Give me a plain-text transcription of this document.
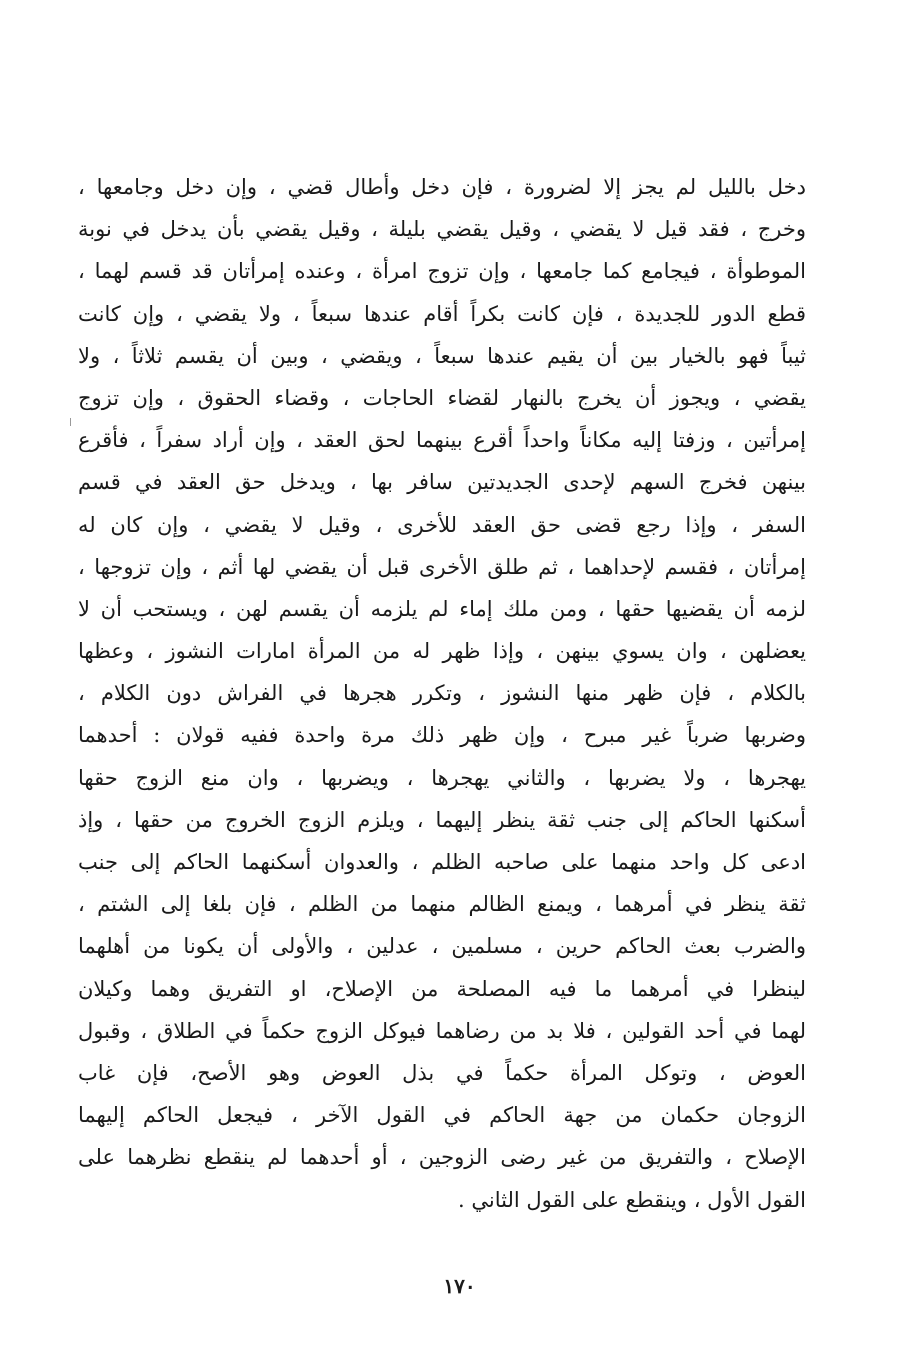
دخل بالليل لم يجز إلا لضرورة ، فإن دخل وأطال قضي ، وإن دخل وجامعها ،
وخرج ، فقد قيل لا يقضي ، وقيل يقضي بليلة ، وقيل يقضي بأن يدخل في نوبة
الموطوأة ، فيجامع كما جامعها ، وإن تزوج امرأة ، وعنده إمرأتان قد قسم لهما ،
قطع الدور للجديدة ، فإن كانت بكراً أقام عندها سبعاً ، ولا يقضي ، وإن كانت
ثيباً فهو بالخيار بين أن يقيم عندها سبعاً ، ويقضي ، وبين أن يقسم ثلاثاً ، ولا
يقضي ، ويجوز أن يخرج بالنهار لقضاء الحاجات ، وقضاء الحقوق ، وإن تزوج
إمرأتين ، وزفتا إليه مكاناً واحداً أقرع بينهما لحق العقد ، وإن أراد سفراً ، فأقرع
بينهن فخرج السهم لإحدى الجديدتين سافر بها ، ويدخل حق العقد في قسم
السفر ، وإذا رجع قضى حق العقد للأخرى ، وقيل لا يقضي ، وإن كان له
إمرأتان ، فقسم لإحداهما ، ثم طلق الأخرى قبل أن يقضي لها أثم ، وإن تزوجها ،
لزمه أن يقضيها حقها ، ومن ملك إماء لم يلزمه أن يقسم لهن ، ويستحب أن لا
يعضلهن ، وان يسوي بينهن ، وإذا ظهر له من المرأة امارات النشوز ، وعظها
بالكلام ، فإن ظهر منها النشوز ، وتكرر هجرها في الفراش دون الكلام ،
وضربها ضرباً غير مبرح ، وإن ظهر ذلك مرة واحدة ففيه قولان : أحدهما
يهجرها ، ولا يضربها ، والثاني يهجرها ، ويضربها ، وان منع الزوج حقها
أسكنها الحاكم إلى جنب ثقة ينظر إليهما ، ويلزم الزوج الخروج من حقها ، وإذ
ادعى كل واحد منهما على صاحبه الظلم ، والعدوان أسكنهما الحاكم إلى جنب
ثقة ينظر في أمرهما ، ويمنع الظالم منهما من الظلم ، فإن بلغا إلى الشتم ،
والضرب بعث الحاكم حرين ، مسلمين ، عدلين ، والأولى أن يكونا من أهلهما
لينظرا في أمرهما ما فيه المصلحة من الإصلاح، او التفريق وهما وكيلان
لهما في أحد القولين ، فلا بد من رضاهما فيوكل الزوج حكماً في الطلاق ، وقبول
العوض ، وتوكل المرأة حكماً في بذل العوض وهو الأصح، فإن غاب
الزوجان حكمان من جهة الحاكم في القول الآخر ، فيجعل الحاكم إليهما
الإصلاح ، والتفريق من غير رضى الزوجين ، أو أحدهما لم ينقطع نظرهما على
القول الأول ، وينقطع على القول الثاني .
١٧٠
